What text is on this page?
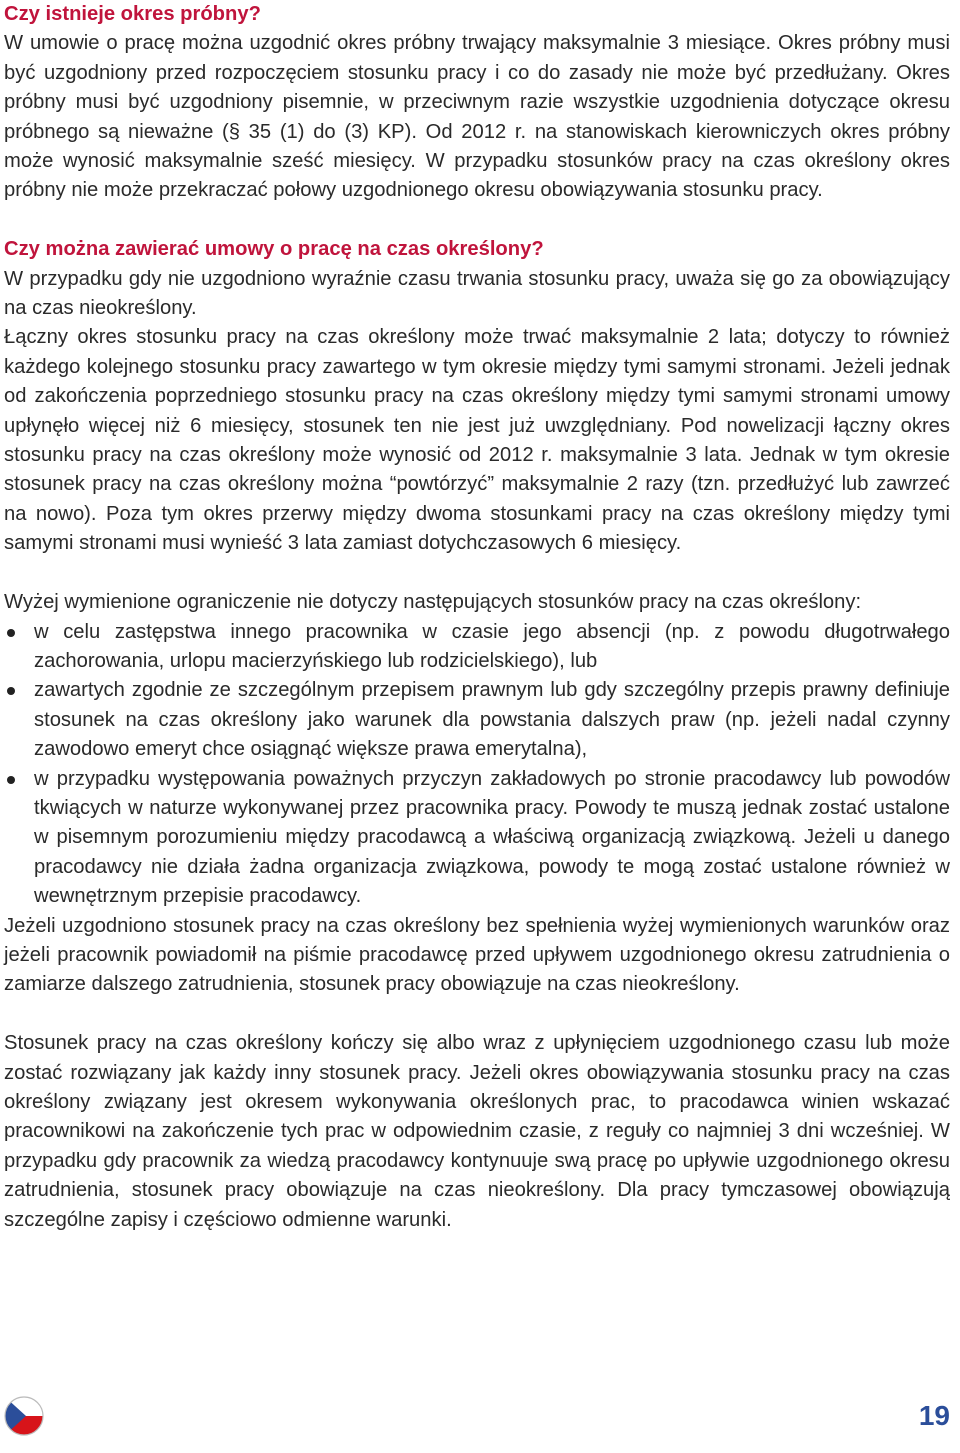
Czy istnieje okres próbny?

W umowie o pracę można uzgodnić okres próbny trwający maksymalnie 3 miesiące. Okres próbny musi być uzgodniony przed rozpoczęciem stosunku pracy i co do zasady nie może być przedłużany. Okres próbny musi być uzgodniony pisemnie, w przeciwnym razie wszystkie uzgodnienia dotyczące okresu próbnego są nieważne (§ 35 (1) do (3) KP). Od 2012 r. na stanowiskach kierowniczych okres próbny może wynosić maksymalnie sześć miesięcy. W przypadku stosunków pracy na czas określony okres próbny nie może przekraczać połowy uzgodnionego okresu obowiązywania stosunku pracy.

Czy można zawierać umowy o pracę na czas określony?

W przypadku gdy nie uzgodniono wyraźnie czasu trwania stosunku pracy, uważa się go za obowiązujący na czas nieokreślony.

Łączny okres stosunku pracy na czas określony może trwać maksymalnie 2 lata; dotyczy to również każdego kolejnego stosunku pracy zawartego w tym okresie między tymi samymi stronami. Jeżeli jednak od zakończenia poprzedniego stosunku pracy na czas określony między tymi samymi stronami umowy upłynęło więcej niż 6 miesięcy, stosunek ten nie jest już uwzględniany. Pod nowelizacji łączny okres stosunku pracy na czas określony może wynosić od 2012 r. maksymalnie 3 lata. Jednak w tym okresie stosunek pracy na czas określony można “powtórzyć” maksymalnie 2 razy (tzn. przedłużyć lub zawrzeć na nowo). Poza tym okres przerwy między dwoma stosunkami pracy na czas określony między tymi samymi stronami musi wynieść 3 lata zamiast dotychczasowych 6 miesięcy.

Wyżej wymienione ograniczenie nie dotyczy następujących stosunków pracy na czas określony:

w celu zastępstwa innego pracownika w czasie jego absencji (np. z powodu długotrwałego zachorowania, urlopu macierzyńskiego lub rodzicielskiego), lub
zawartych zgodnie ze szczególnym przepisem prawnym lub gdy szczególny przepis prawny definiuje stosunek na czas określony jako warunek dla powstania dalszych praw (np. jeżeli nadal czynny zawodowo emeryt chce osiągnąć większe prawa emerytalna),
w przypadku występowania poważnych przyczyn zakładowych po stronie pracodawcy lub powodów tkwiących w naturze wykonywanej przez pracownika pracy. Powody te muszą jednak zostać ustalone w pisemnym porozumieniu między pracodawcą a właściwą organizacją związkową. Jeżeli u danego pracodawcy nie działa żadna organizacja związkowa, powody te mogą zostać ustalone również w wewnętrznym przepisie pracodawcy.

Jeżeli uzgodniono stosunek pracy na czas określony bez spełnienia wyżej wymienionych warunków oraz jeżeli pracownik powiadomił na piśmie pracodawcę przed upływem uzgodnionego okresu zatrudnienia o zamiarze dalszego zatrudnienia, stosunek pracy obowiązuje na czas nieokreślony.

Stosunek pracy na czas określony kończy się albo wraz z upłynięciem uzgodnionego czasu lub może zostać rozwiązany jak każdy inny stosunek pracy. Jeżeli okres obowiązywania stosunku pracy na czas określony związany jest okresem wykonywania określonych prac, to pracodawca winien wskazać pracownikowi na zakończenie tych prac w odpowiednim czasie, z reguły co najmniej 3 dni wcześniej. W przypadku gdy pracownik za wiedzą pracodawcy kontynuuje swą pracę po upływie uzgodnionego okresu zatrudnienia, stosunek pracy obowiązuje na czas nieokreślony. Dla pracy tymczasowej obowiązują szczególne zapisy i częściowo odmienne warunki.

19
